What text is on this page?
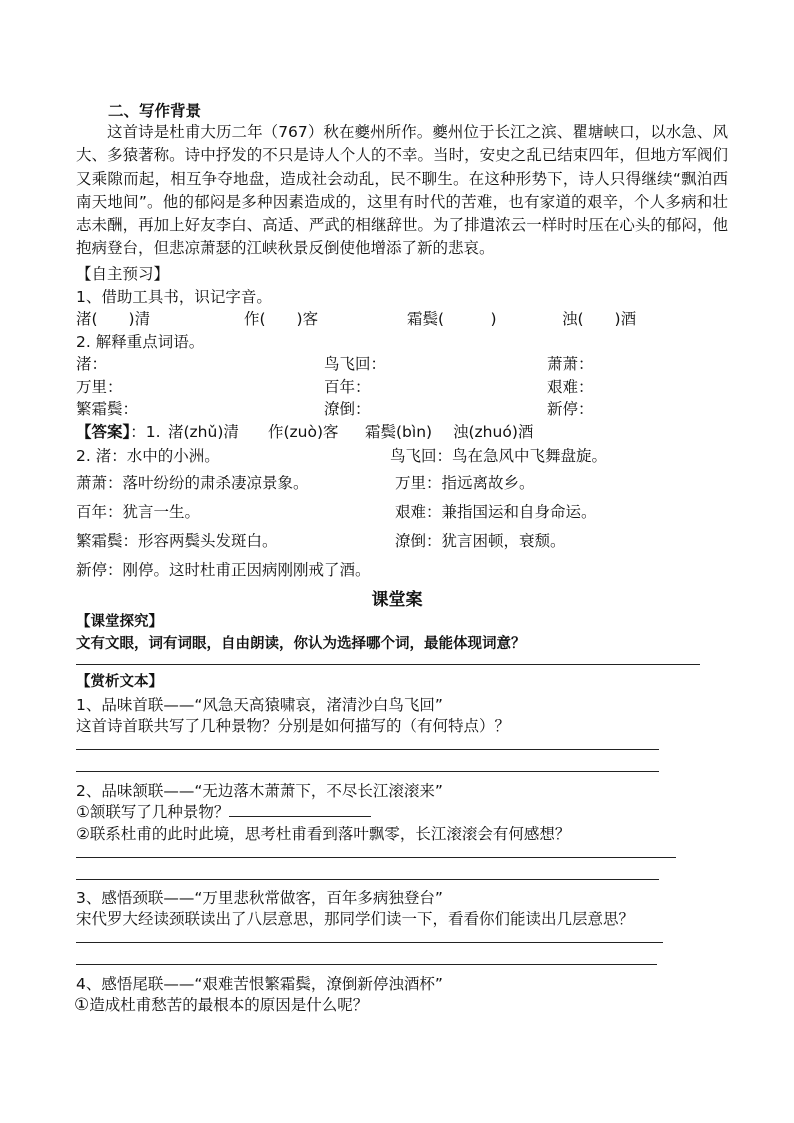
二、写作背景
这首诗是杜甫大历二年（767）秋在夔州所作。夔州位于长江之滨、瞿塘峡口，以水急、风大、多猿著称。诗中抒发的不只是诗人个人的不幸。当时，安史之乱已结束四年，但地方军阀们又乘隙而起，相互争夺地盘，造成社会动乱，民不聊生。在这种形势下，诗人只得继续“飘泊西南天地间”。他的郁闷是多种因素造成的，这里有时代的苦难，也有家道的艰辛，个人多病和壮志未酬，再加上好友李白、高适、严武的相继辞世。为了排遣浓云一样时时压在心头的郁闷，他抱病登台，但悲凉萧瑟的江峡秋景反倒使他增添了新的悲哀。
【自主预习】
1、借助工具书，识记字音。
渚(　　)清	作(　　)客	霜鬓(　　　)	浊(　　)酒
2. 解释重点词语。
渚：	鸟飞回：	萧萧：
万里：	百年：	艰难：
繁霜鬓：	潦倒：	新停：
【答案】：1. 渚(zhǔ)清 作(zuò)客 霜鬓(bìn) 浊(zhuó)酒
2. 渚：水中的小洲。	鸟飞回：鸟在急风中飞舞盘旋。
萧萧：落叶纷纷的肃杀凄凉景象。	万里：指远离故乡。
百年：犹言一生。	艰难：兼指国运和自身命运。
繁霜鬓：形容两鬓头发斑白。	潦倒：犹言困顿，衰颓。
新停：刚停。这时杜甫正因病刚刚戒了酒。
课堂案
【课堂探究】
文有文眼，词有词眼，自由朗读，你认为选择哪个词，最能体现词意？
【赏析文本】
1、品味首联——“风急天高猿啸哀，渚清沙白鸟飞回”
这首诗首联共写了几种景物？分别是如何描写的（有何特点）？
2、品味颔联——“无边落木萧萧下，不尽长江滚滚来”
①颔联写了几种景物？
②联系杜甫的此时此境，思考杜甫看到落叶飘零，长江滚滚会有何感想？
3、感悟颈联——“万里悲秋常做客，百年多病独登台”
宋代罗大经读颈联读出了八层意思，那同学们读一下，看看你们能读出几层意思？
4、感悟尾联——“艰难苦恨繁霜鬓，潦倒新停浊酒杯”
①造成杜甫愁苦的最根本的原因是什么呢？
